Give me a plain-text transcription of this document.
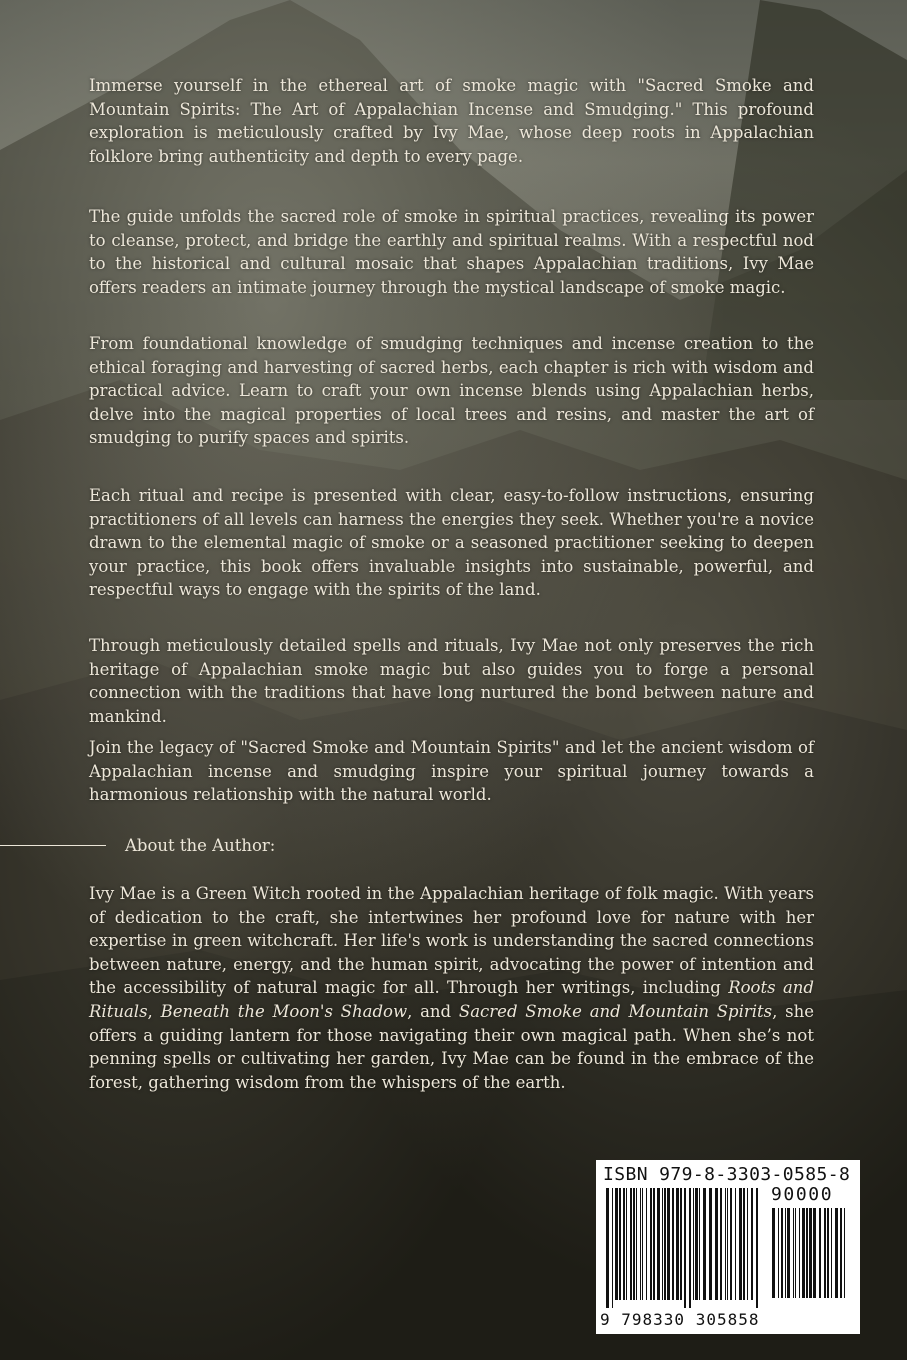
Immerse yourself in the ethereal art of smoke magic with "Sacred Smoke and Mountain Spirits: The Art of Appalachian Incense and Smudging." This profound exploration is meticulously crafted by Ivy Mae, whose deep roots in Appalachian folklore bring authenticity and depth to every page.

The guide unfolds the sacred role of smoke in spiritual practices, revealing its power to cleanse, protect, and bridge the earthly and spiritual realms. With a respectful nod to the historical and cultural mosaic that shapes Appalachian traditions, Ivy Mae offers readers an intimate journey through the mystical landscape of smoke magic.

From foundational knowledge of smudging techniques and incense creation to the ethical foraging and harvesting of sacred herbs, each chapter is rich with wisdom and practical advice. Learn to craft your own incense blends using Appalachian herbs, delve into the magical properties of local trees and resins, and master the art of smudging to purify spaces and spirits.

Each ritual and recipe is presented with clear, easy-to-follow instructions, ensuring practitioners of all levels can harness the energies they seek. Whether you're a novice drawn to the elemental magic of smoke or a seasoned practitioner seeking to deepen your practice, this book offers invaluable insights into sustainable, powerful, and respectful ways to engage with the spirits of the land.

Through meticulously detailed spells and rituals, Ivy Mae not only preserves the rich heritage of Appalachian smoke magic but also guides you to forge a personal connection with the traditions that have long nurtured the bond between nature and mankind.

Join the legacy of "Sacred Smoke and Mountain Spirits" and let the ancient wisdom of Appalachian incense and smudging inspire your spiritual journey towards a harmonious relationship with the natural world.

About the Author:

Ivy Mae is a Green Witch rooted in the Appalachian heritage of folk magic. With years of dedication to the craft, she intertwines her profound love for nature with her expertise in green witchcraft. Her life's work is understanding the sacred connections between nature, energy, and the human spirit, advocating the power of intention and the accessibility of natural magic for all. Through her writings, including Roots and Rituals, Beneath the Moon's Shadow, and Sacred Smoke and Mountain Spirits, she offers a guiding lantern for those navigating their own magical path. When she’s not penning spells or cultivating her garden, Ivy Mae can be found in the embrace of the forest, gathering wisdom from the whispers of the earth.

ISBN 979-8-3303-0585-8
90000
9 798330 305858
